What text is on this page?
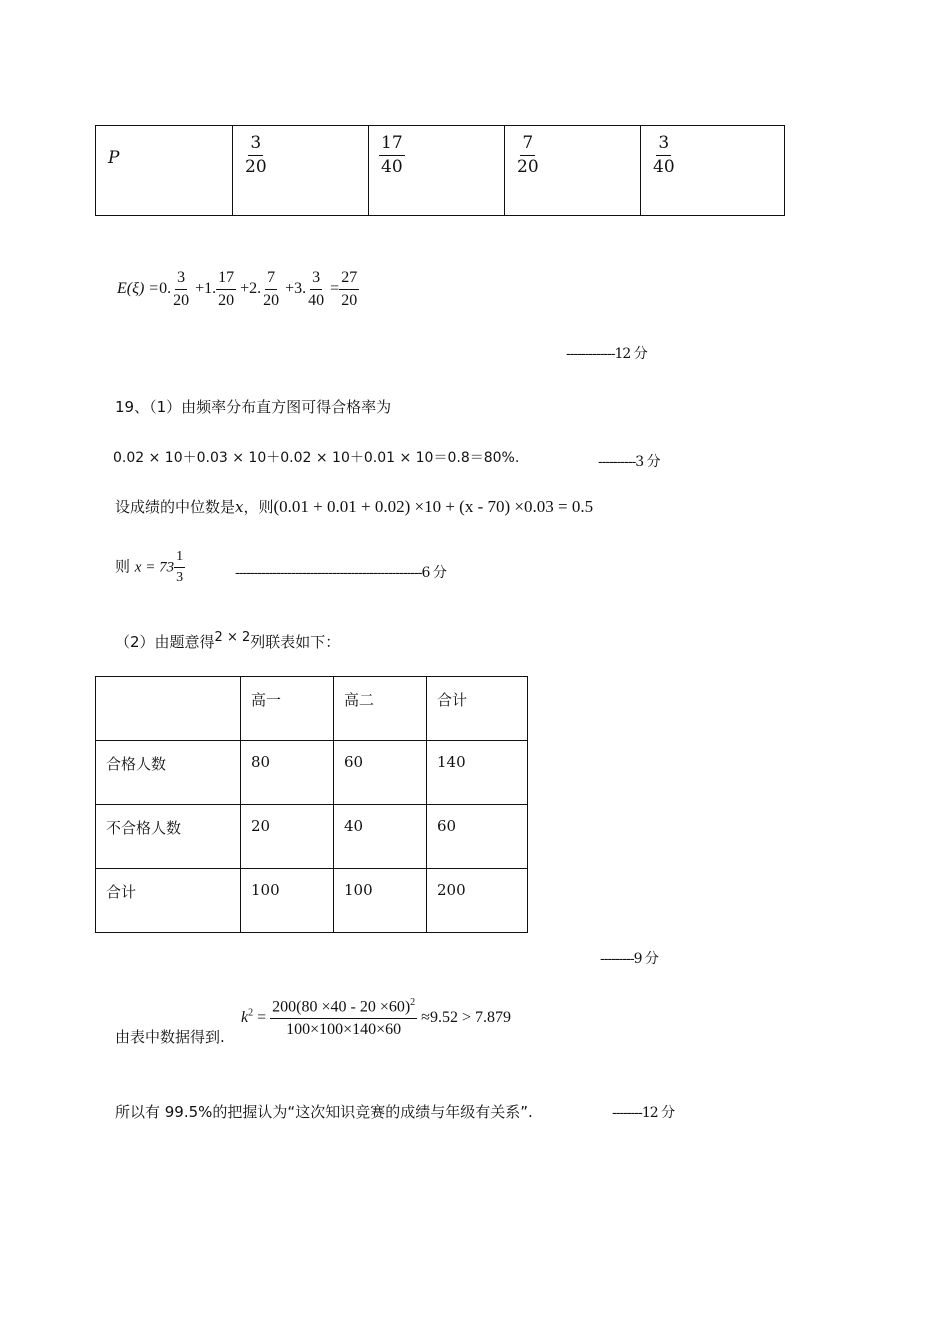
P	$\frac{3}{20}$	$\frac{17}{40}$	$\frac{7}{20}$	$\frac{3}{40}$
E(ξ) =0. $\frac{3}{20} +1$. $\frac{17}{20} +2$. $\frac{7}{20} +3$. $\frac{3}{40} = \frac{27}{20}$
-------------12 分
19、（1）由频率分布直方图可得合格率为
0.02 × 10＋0.03 × 10＋0.02 × 10＋0.01 × 10＝0.8＝80%.	----------3 分
设成绩的中位数是x，则(0.01 + 0.01 + 0.02) ×10 + (x - 70) ×0.03 = 0.5
则 $x = 73 \frac{1}{3}$	--------------------------------------------------6 分
（2）由题意得$^{2 \times 2}$列联表如下：
	高一	高二	合计
合格人数	80	60	140
不合格人数	20	40	60
合计	100	100	200
---------9 分
由表中数据得到.
$k^2 = \frac{200(80 \times 40 - 20 \times 60)^2}{100\times 100\times 140\times 60} \approx 9.52 > 7.879$
所以有 99.5%的把握认为“这次知识竞赛的成绩与年级有关系”.	--------12 分
